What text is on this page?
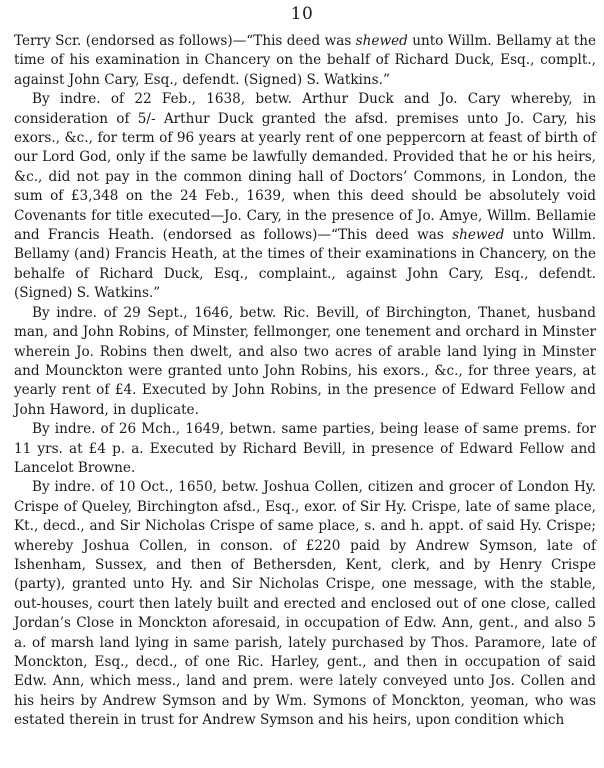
10

Terry Scr. (endorsed as follows)—“This deed was shewed unto Willm. Bellamy at the time of his examination in Chancery on the behalf of Richard Duck, Esq., complt., against John Cary, Esq., defendt. (Signed) S. Watkins.”

By indre. of 22 Feb., 1638, betw. Arthur Duck and Jo. Cary whereby, in consideration of 5/- Arthur Duck granted the afsd. premises unto Jo. Cary, his exors., &c., for term of 96 years at yearly rent of one peppercorn at feast of birth of our Lord God, only if the same be lawfully demanded. Provided that he or his heirs, &c., did not pay in the common dining hall of Doctors’ Commons, in London, the sum of £3,348 on the 24 Feb., 1639, when this deed should be absolutely void Covenants for title executed—Jo. Cary, in the presence of Jo. Amye, Willm. Bellamie and Francis Heath. (endorsed as follows)—“This deed was shewed unto Willm. Bellamy (and) Francis Heath, at the times of their examinations in Chancery, on the behalfe of Richard Duck, Esq., complaint., against John Cary, Esq., defendt. (Signed) S. Watkins.”

By indre. of 29 Sept., 1646, betw. Ric. Bevill, of Birchington, Thanet, husband man, and John Robins, of Minster, fellmonger, one tenement and orchard in Minster wherein Jo. Robins then dwelt, and also two acres of arable land lying in Minster and Mounckton were granted unto John Robins, his exors., &c., for three years, at yearly rent of £4. Executed by John Robins, in the presence of Edward Fellow and John Haword, in duplicate.

By indre. of 26 Mch., 1649, betwn. same parties, being lease of same prems. for 11 yrs. at £4 p. a. Executed by Richard Bevill, in presence of Edward Fellow and Lancelot Browne.

By indre. of 10 Oct., 1650, betw. Joshua Collen, citizen and grocer of London Hy. Crispe of Queley, Birchington afsd., Esq., exor. of Sir Hy. Crispe, late of same place, Kt., decd., and Sir Nicholas Crispe of same place, s. and h. appt. of said Hy. Crispe; whereby Joshua Collen, in conson. of £220 paid by Andrew Symson, late of Ishenham, Sussex, and then of Bethersden, Kent, clerk, and by Henry Crispe (party), granted unto Hy. and Sir Nicholas Crispe, one message, with the stable, out-houses, court then lately built and erected and enclosed out of one close, called Jordan’s Close in Monckton aforesaid, in occupation of Edw. Ann, gent., and also 5 a. of marsh land lying in same parish, lately purchased by Thos. Paramore, late of Monckton, Esq., decd., of one Ric. Harley, gent., and then in occupation of said Edw. Ann, which mess., land and prem. were lately conveyed unto Jos. Collen and his heirs by Andrew Symson and by Wm. Symons of Monckton, yeoman, who was estated therein in trust for Andrew Symson and his heirs, upon condition which
